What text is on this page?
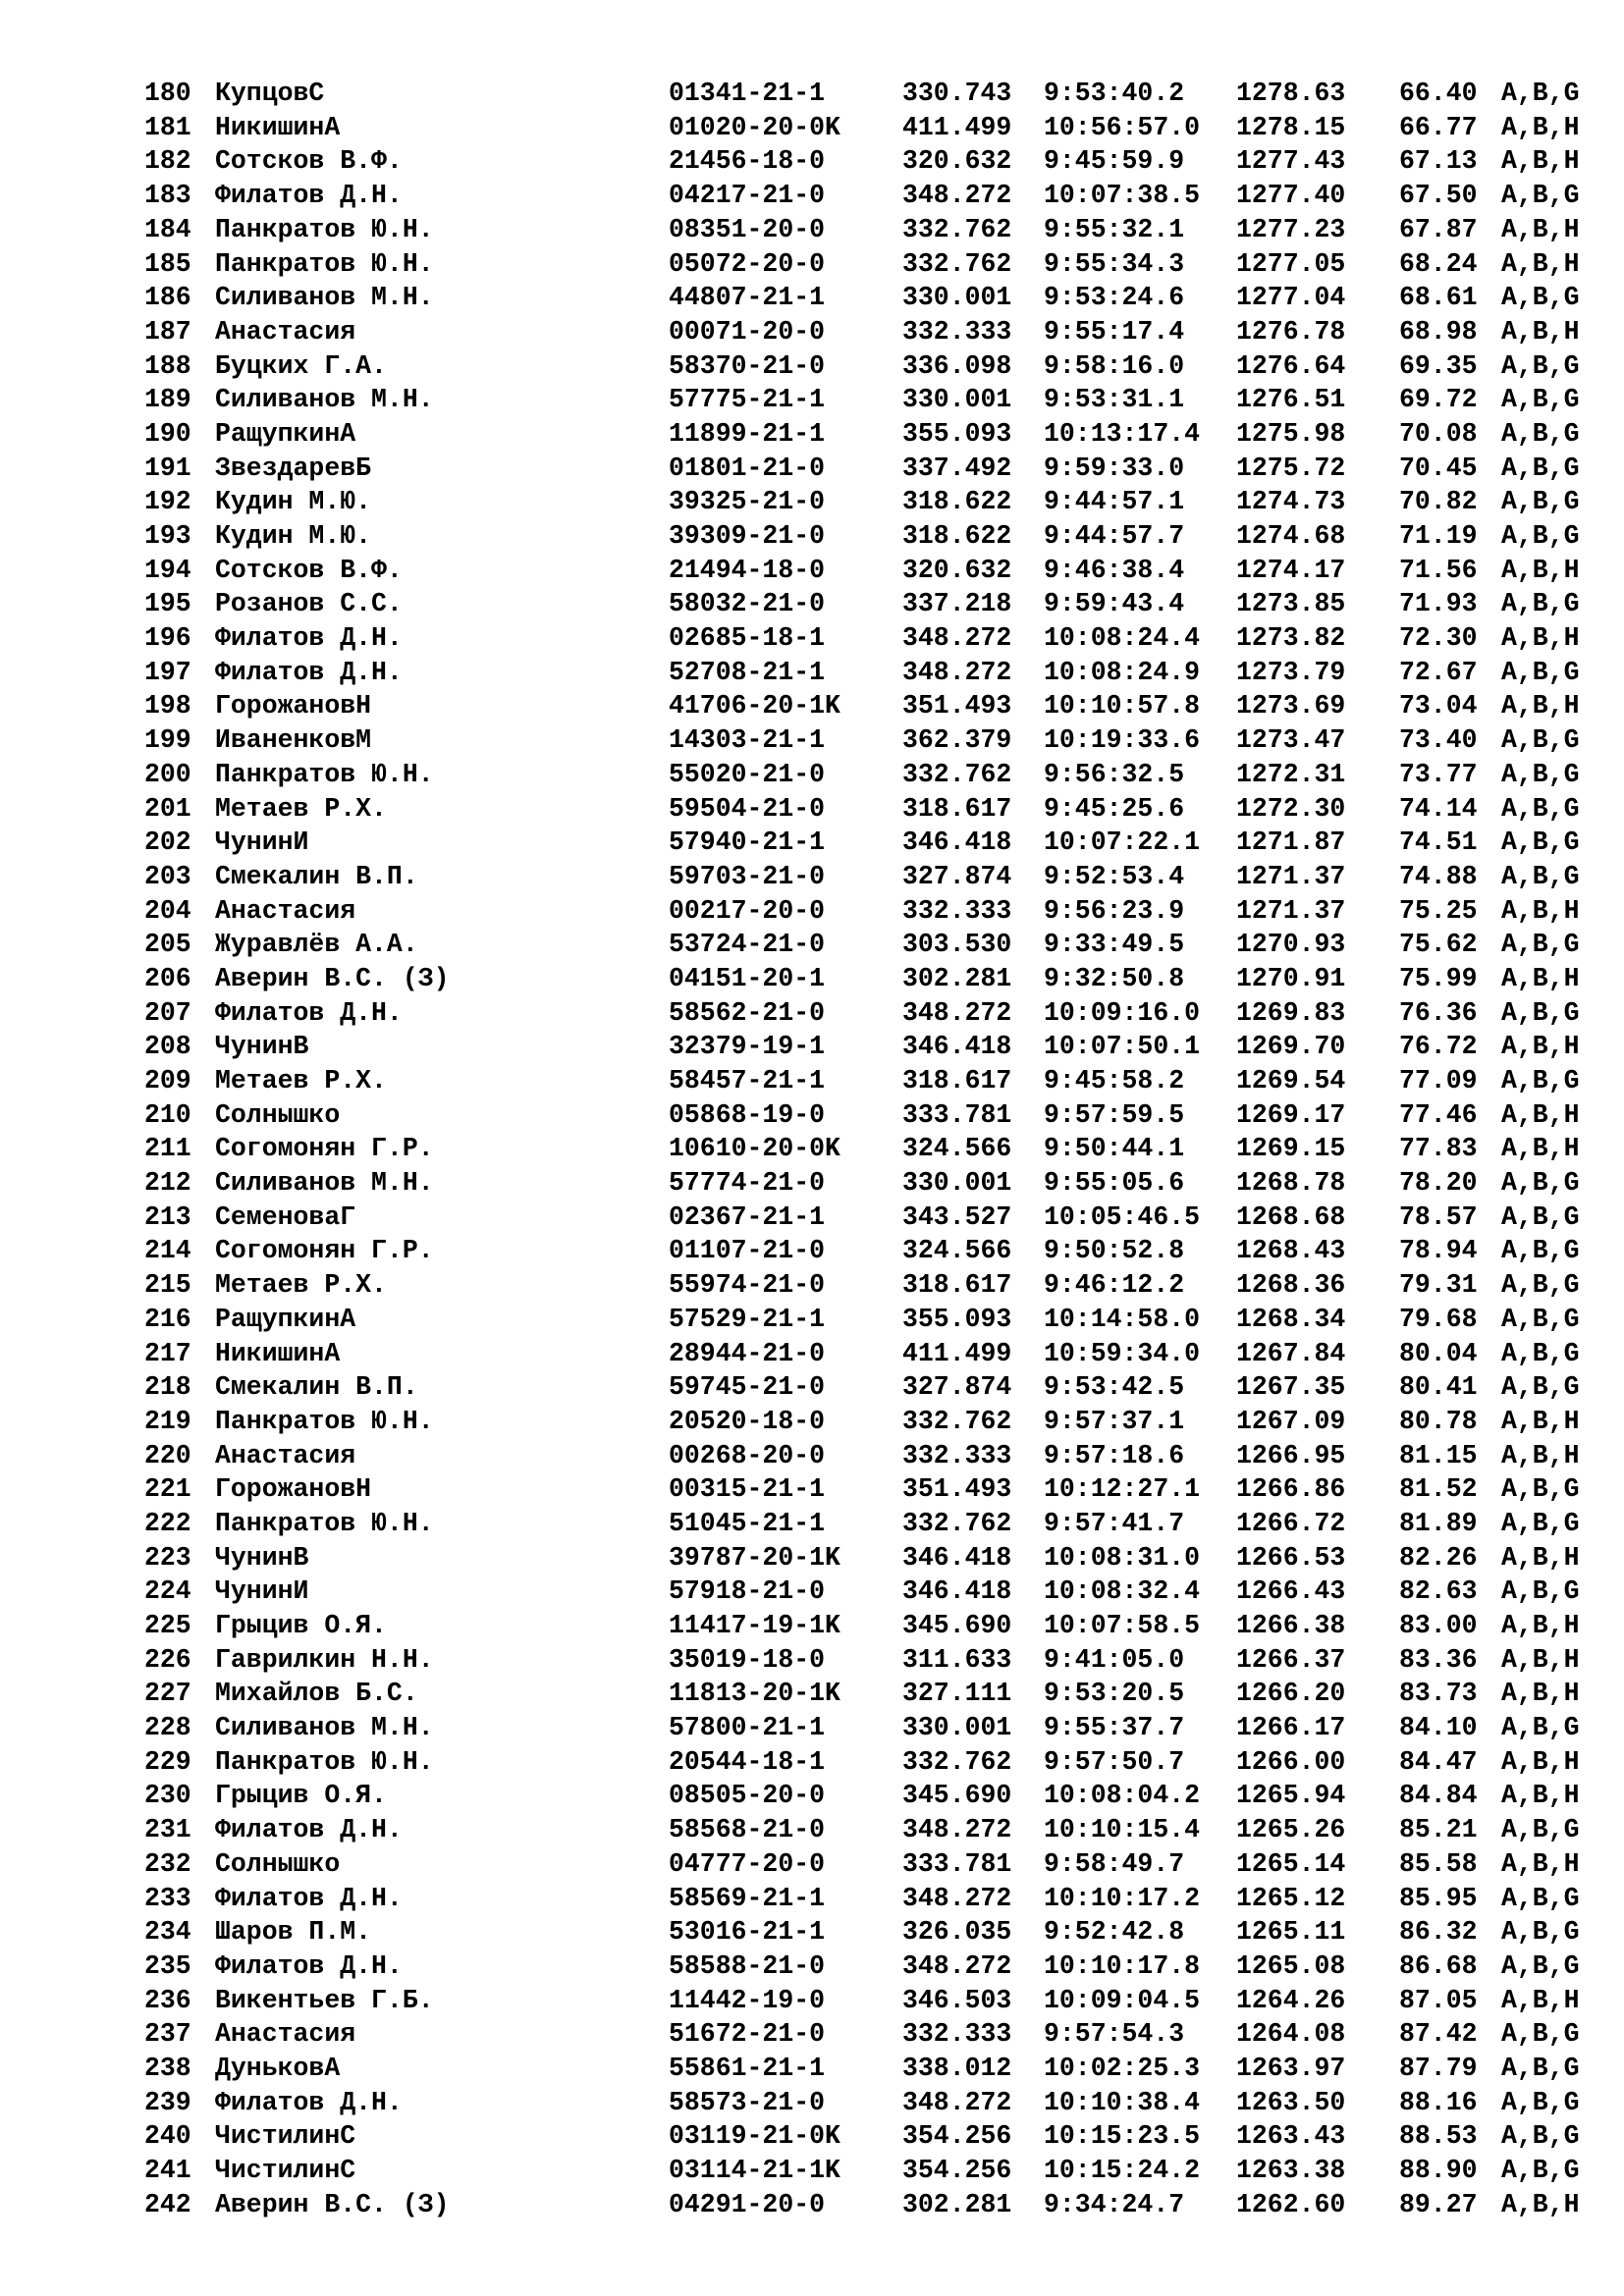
180 КупцовС	01341-21-1	330.743	9:53:40.2	1278.63	66.40 A,B,G
181 НикишинА	01020-20-0K	411.499	10:56:57.0	1278.15	66.77 A,B,H
182 Сотсков В.Ф.	21456-18-0	320.632	9:45:59.9	1277.43	67.13 A,B,H
183 Филатов Д.Н.	04217-21-0	348.272	10:07:38.5	1277.40	67.50 A,B,G
184 Панкратов Ю.Н.	08351-20-0	332.762	9:55:32.1	1277.23	67.87 A,B,H
185 Панкратов Ю.Н.	05072-20-0	332.762	9:55:34.3	1277.05	68.24 A,B,H
186 Силиванов М.Н.	44807-21-1	330.001	9:53:24.6	1277.04	68.61 A,B,G
187 Анастасия	00071-20-0	332.333	9:55:17.4	1276.78	68.98 A,B,H
188 Буцких Г.А.	58370-21-0	336.098	9:58:16.0	1276.64	69.35 A,B,G
189 Силиванов М.Н.	57775-21-1	330.001	9:53:31.1	1276.51	69.72 A,B,G
190 РащупкинА	11899-21-1	355.093	10:13:17.4	1275.98	70.08 A,B,G
191 ЗвездаревБ	01801-21-0	337.492	9:59:33.0	1275.72	70.45 A,B,G
192 Кудин М.Ю.	39325-21-0	318.622	9:44:57.1	1274.73	70.82 A,B,G
193 Кудин М.Ю.	39309-21-0	318.622	9:44:57.7	1274.68	71.19 A,B,G
194 Сотсков В.Ф.	21494-18-0	320.632	9:46:38.4	1274.17	71.56 A,B,H
195 Розанов С.С.	58032-21-0	337.218	9:59:43.4	1273.85	71.93 A,B,G
196 Филатов Д.Н.	02685-18-1	348.272	10:08:24.4	1273.82	72.30 A,B,H
197 Филатов Д.Н.	52708-21-1	348.272	10:08:24.9	1273.79	72.67 A,B,G
198 ГорожановН	41706-20-1K	351.493	10:10:57.8	1273.69	73.04 A,B,H
199 ИваненковМ	14303-21-1	362.379	10:19:33.6	1273.47	73.40 A,B,G
200 Панкратов Ю.Н.	55020-21-0	332.762	9:56:32.5	1272.31	73.77 A,B,G
201 Метаев Р.Х.	59504-21-0	318.617	9:45:25.6	1272.30	74.14 A,B,G
202 ЧунинИ	57940-21-1	346.418	10:07:22.1	1271.87	74.51 A,B,G
203 Смекалин В.П.	59703-21-0	327.874	9:52:53.4	1271.37	74.88 A,B,G
204 Анастасия	00217-20-0	332.333	9:56:23.9	1271.37	75.25 A,B,H
205 Журавлёв А.А.	53724-21-0	303.530	9:33:49.5	1270.93	75.62 A,B,G
206 Аверин В.С. (З)	04151-20-1	302.281	9:32:50.8	1270.91	75.99 A,B,H
207 Филатов Д.Н.	58562-21-0	348.272	10:09:16.0	1269.83	76.36 A,B,G
208 ЧунинВ	32379-19-1	346.418	10:07:50.1	1269.70	76.72 A,B,H
209 Метаев Р.Х.	58457-21-1	318.617	9:45:58.2	1269.54	77.09 A,B,G
210 Солнышко	05868-19-0	333.781	9:57:59.5	1269.17	77.46 A,B,H
211 Согомонян Г.Р.	10610-20-0K	324.566	9:50:44.1	1269.15	77.83 A,B,H
212 Силиванов М.Н.	57774-21-0	330.001	9:55:05.6	1268.78	78.20 A,B,G
213 СеменоваГ	02367-21-1	343.527	10:05:46.5	1268.68	78.57 A,B,G
214 Согомонян Г.Р.	01107-21-0	324.566	9:50:52.8	1268.43	78.94 A,B,G
215 Метаев Р.Х.	55974-21-0	318.617	9:46:12.2	1268.36	79.31 A,B,G
216 РащупкинА	57529-21-1	355.093	10:14:58.0	1268.34	79.68 A,B,G
217 НикишинА	28944-21-0	411.499	10:59:34.0	1267.84	80.04 A,B,G
218 Смекалин В.П.	59745-21-0	327.874	9:53:42.5	1267.35	80.41 A,B,G
219 Панкратов Ю.Н.	20520-18-0	332.762	9:57:37.1	1267.09	80.78 A,B,H
220 Анастасия	00268-20-0	332.333	9:57:18.6	1266.95	81.15 A,B,H
221 ГорожановН	00315-21-1	351.493	10:12:27.1	1266.86	81.52 A,B,G
222 Панкратов Ю.Н.	51045-21-1	332.762	9:57:41.7	1266.72	81.89 A,B,G
223 ЧунинВ	39787-20-1K	346.418	10:08:31.0	1266.53	82.26 A,B,H
224 ЧунинИ	57918-21-0	346.418	10:08:32.4	1266.43	82.63 A,B,G
225 Грыцив О.Я.	11417-19-1K	345.690	10:07:58.5	1266.38	83.00 A,B,H
226 Гаврилкин Н.Н.	35019-18-0	311.633	9:41:05.0	1266.37	83.36 A,B,H
227 Михайлов Б.С.	11813-20-1K	327.111	9:53:20.5	1266.20	83.73 A,B,H
228 Силиванов М.Н.	57800-21-1	330.001	9:55:37.7	1266.17	84.10 A,B,G
229 Панкратов Ю.Н.	20544-18-1	332.762	9:57:50.7	1266.00	84.47 A,B,H
230 Грыцив О.Я.	08505-20-0	345.690	10:08:04.2	1265.94	84.84 A,B,H
231 Филатов Д.Н.	58568-21-0	348.272	10:10:15.4	1265.26	85.21 A,B,G
232 Солнышко	04777-20-0	333.781	9:58:49.7	1265.14	85.58 A,B,H
233 Филатов Д.Н.	58569-21-1	348.272	10:10:17.2	1265.12	85.95 A,B,G
234 Шаров П.М.	53016-21-1	326.035	9:52:42.8	1265.11	86.32 A,B,G
235 Филатов Д.Н.	58588-21-0	348.272	10:10:17.8	1265.08	86.68 A,B,G
236 Викентьев Г.Б.	11442-19-0	346.503	10:09:04.5	1264.26	87.05 A,B,H
237 Анастасия	51672-21-0	332.333	9:57:54.3	1264.08	87.42 A,B,G
238 ДуньковА	55861-21-1	338.012	10:02:25.3	1263.97	87.79 A,B,G
239 Филатов Д.Н.	58573-21-0	348.272	10:10:38.4	1263.50	88.16 A,B,G
240 ЧистилинС	03119-21-0K	354.256	10:15:23.5	1263.43	88.53 A,B,G
241 ЧистилинС	03114-21-1K	354.256	10:15:24.2	1263.38	88.90 A,B,G
242 Аверин В.С. (З)	04291-20-0	302.281	9:34:24.7	1262.60	89.27 A,B,H
